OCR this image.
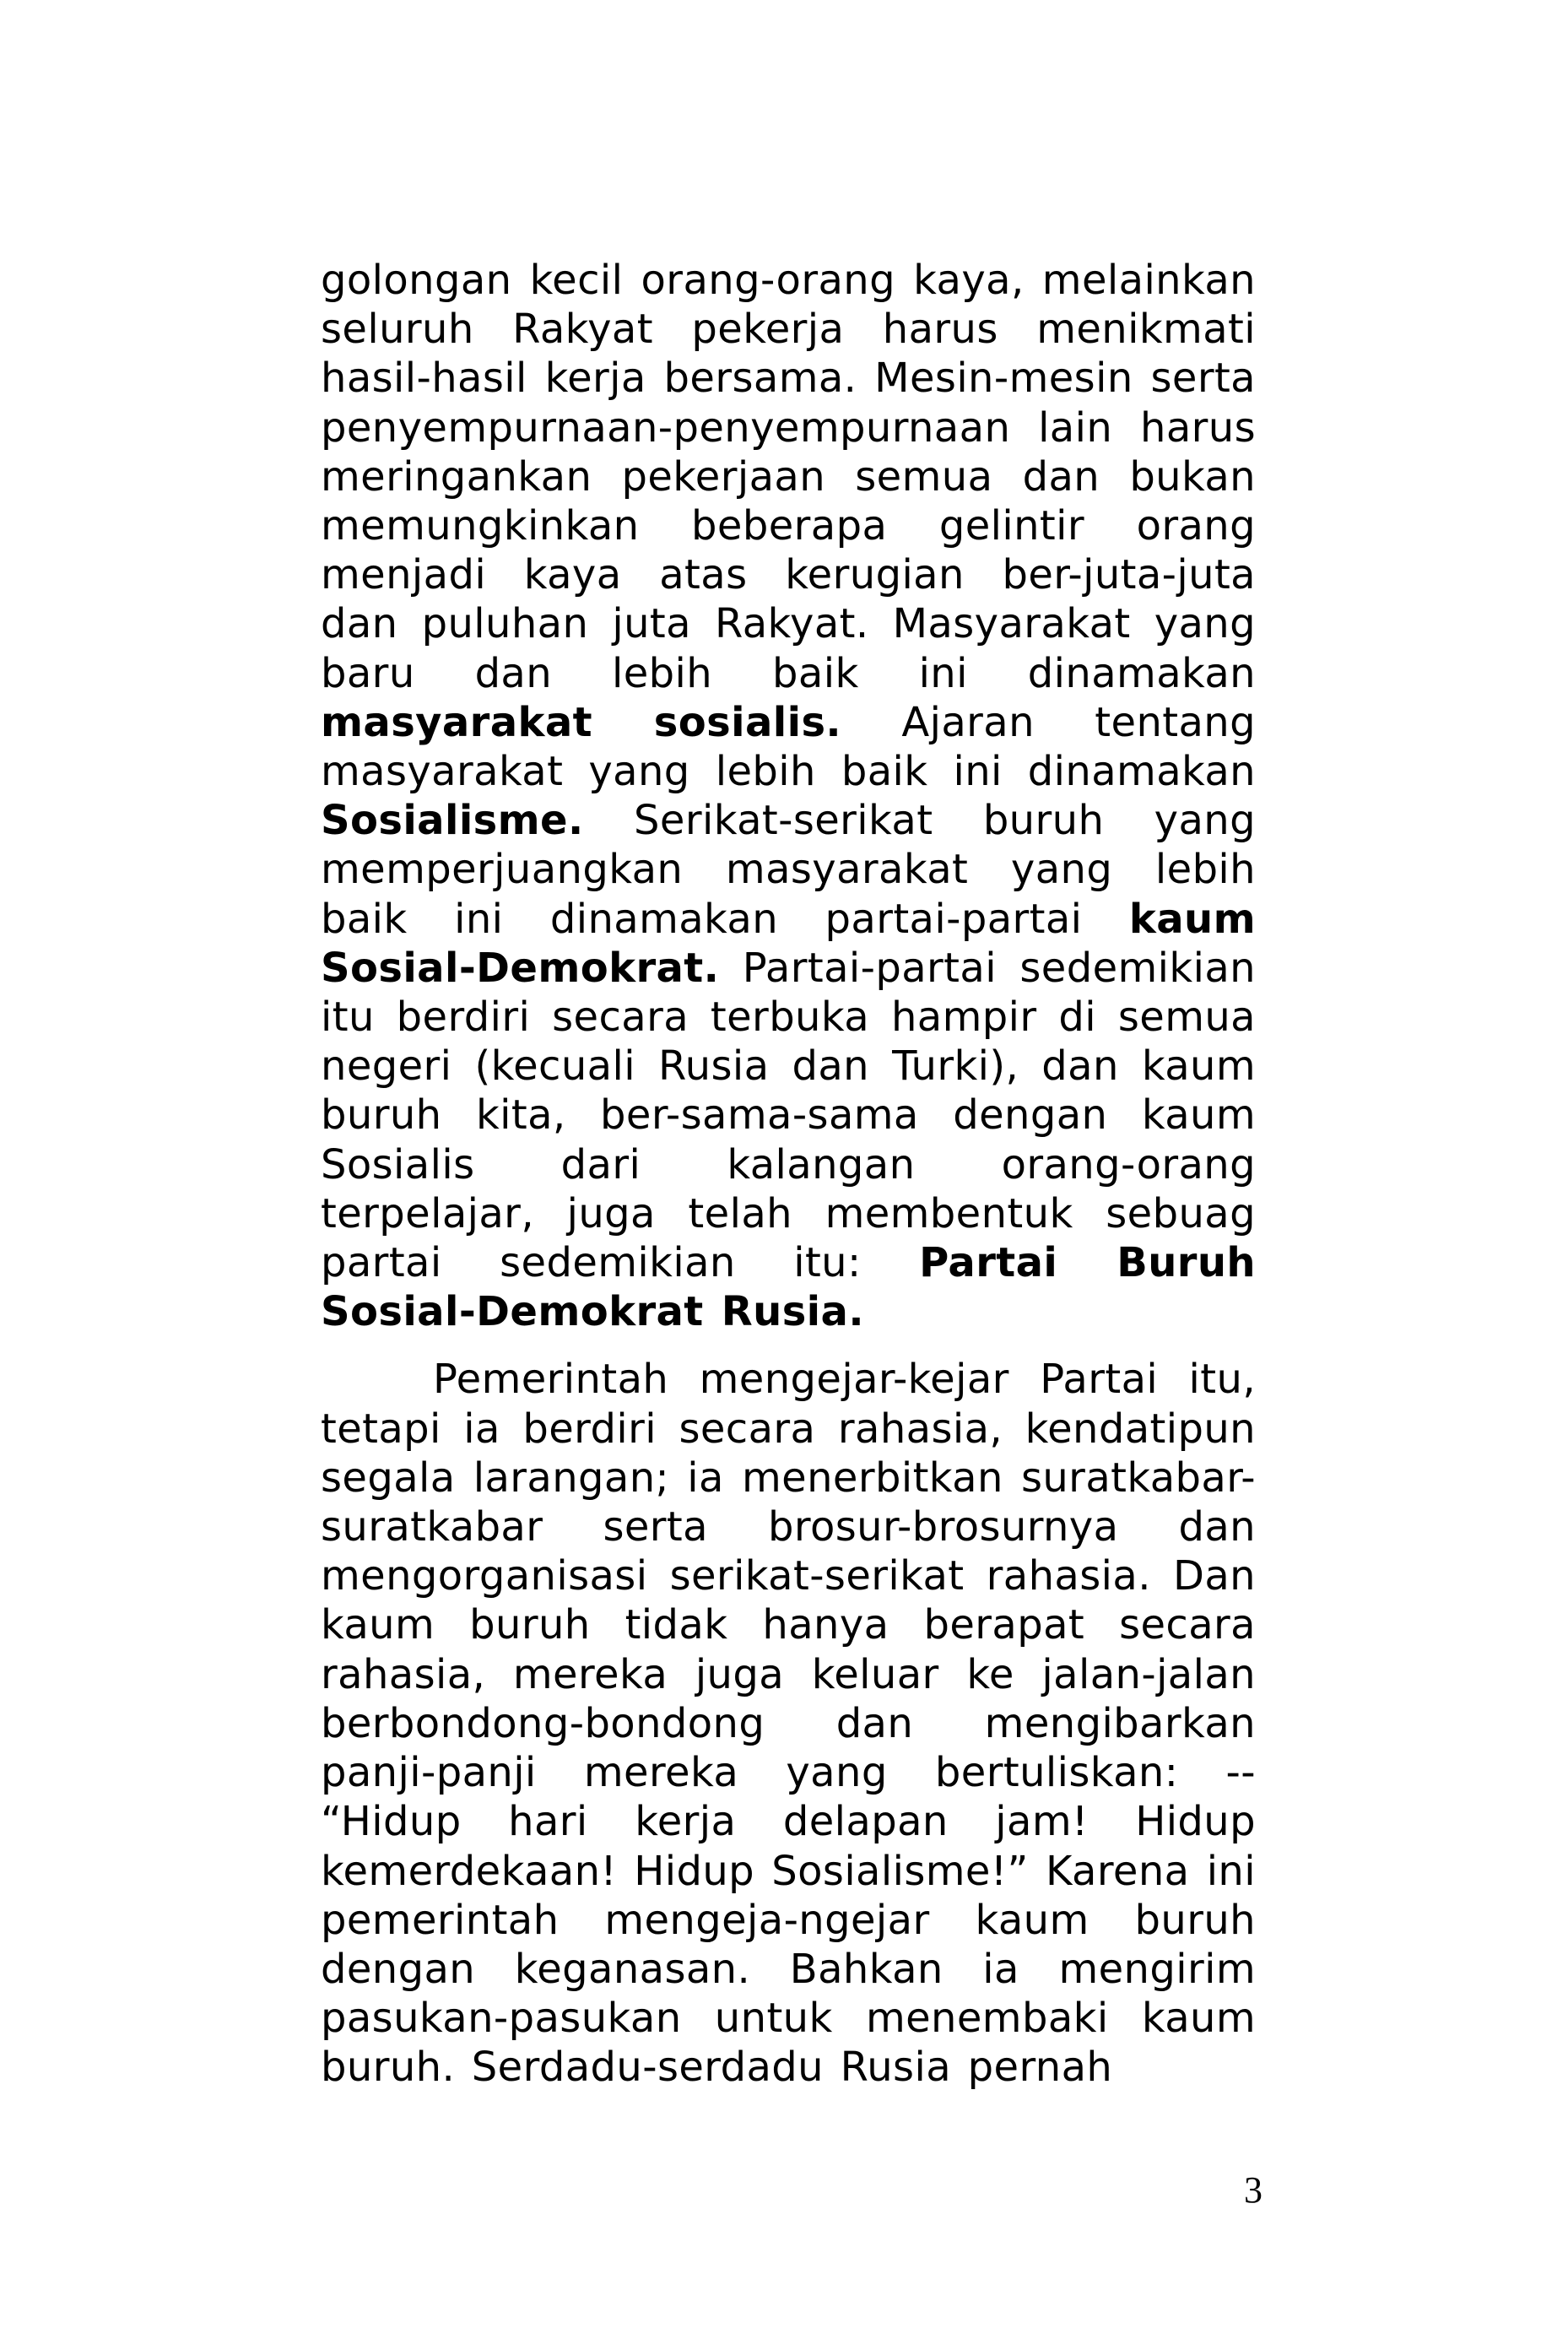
golongan kecil orang-orang kaya, melainkan seluruh Rakyat pekerja harus menikmati hasil-hasil kerja bersama. Mesin-mesin serta penyempurnaan-penyempurnaan lain harus meringankan pekerjaan semua dan bukan memungkinkan beberapa gelintir orang menjadi kaya atas kerugian ber-juta-juta dan puluhan juta Rakyat. Masyarakat yang baru dan lebih baik ini dinamakan masyarakat sosialis. Ajaran tentang masyarakat yang lebih baik ini dinamakan Sosialisme. Serikat-serikat buruh yang memperjuangkan masyarakat yang lebih baik ini dinamakan partai-partai kaum Sosial-Demokrat. Partai-partai sedemikian itu berdiri secara terbuka hampir di semua negeri (kecuali Rusia dan Turki), dan kaum buruh kita, ber-sama-sama dengan kaum Sosialis dari kalangan orang-orang terpelajar, juga telah membentuk sebuag partai sedemikian itu: Partai Buruh Sosial-Demokrat Rusia.

Pemerintah mengejar-kejar Partai itu, tetapi ia berdiri secara rahasia, kendatipun segala larangan; ia menerbitkan suratkabar-suratkabar serta brosur-brosurnya dan mengorganisasi serikat-serikat rahasia. Dan kaum buruh tidak hanya berapat secara rahasia, mereka juga keluar ke jalan-jalan berbondong-bondong dan mengibarkan panji-panji mereka yang bertuliskan: -- “Hidup hari kerja delapan jam! Hidup kemerdekaan! Hidup Sosialisme!” Karena ini pemerintah mengeja-ngejar kaum buruh dengan keganasan. Bahkan ia mengirim pasukan-pasukan untuk menembaki kaum buruh. Serdadu-serdadu Rusia pernah

3
